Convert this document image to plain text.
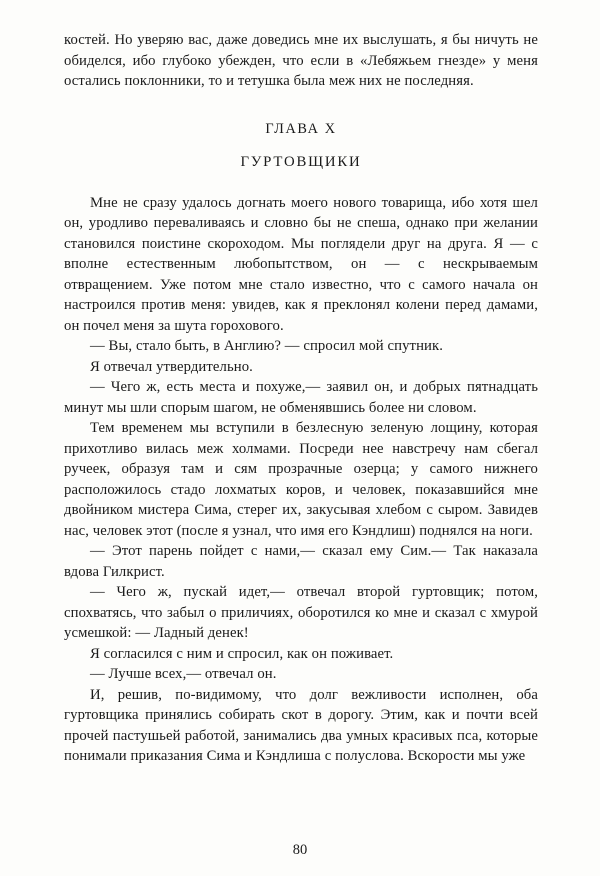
костей. Но уверяю вас, даже доведись мне их выслушать, я бы ничуть не обиделся, ибо глубоко убежден, что если в «Лебяжьем гнезде» у меня остались поклонники, то и тетушка была меж них не последняя.

ГЛАВА X
ГУРТОВЩИКИ

Мне не сразу удалось догнать моего нового товарища, ибо хотя шел он, уродливо переваливаясь и словно бы не спеша, однако при желании становился поистине скороходом. Мы поглядели друг на друга. Я — с вполне естественным любопытством, он — с нескрываемым отвращением. Уже потом мне стало известно, что с самого начала он настроился против меня: увидев, как я преклонял колени перед дамами, он почел меня за шута горохового.

— Вы, стало быть, в Англию? — спросил мой спутник.

Я отвечал утвердительно.

— Чего ж, есть места и похуже,— заявил он, и добрых пятнадцать минут мы шли спорым шагом, не обменявшись более ни словом.

Тем временем мы вступили в безлесную зеленую лощину, которая прихотливо вилась меж холмами. Посреди нее навстречу нам сбегал ручеек, образуя там и сям прозрачные озерца; у самого нижнего расположилось стадо лохматых коров, и человек, показавшийся мне двойником мистера Сима, стерег их, закусывая хлебом с сыром. Завидев нас, человек этот (после я узнал, что имя его Кэндлиш) поднялся на ноги.

— Этот парень пойдет с нами,— сказал ему Сим.— Так наказала вдова Гилкрист.

— Чего ж, пускай идет,— отвечал второй гуртовщик; потом, спохватясь, что забыл о приличиях, оборотился ко мне и сказал с хмурой усмешкой: — Ладный денек!

Я согласился с ним и спросил, как он поживает.

— Лучше всех,— отвечал он.

И, решив, по-видимому, что долг вежливости исполнен, оба гуртовщика принялись собирать скот в дорогу. Этим, как и почти всей прочей пастушьей работой, занимались два умных красивых пса, которые понимали приказания Сима и Кэндлиша с полуслова. Вскорости мы уже

80
